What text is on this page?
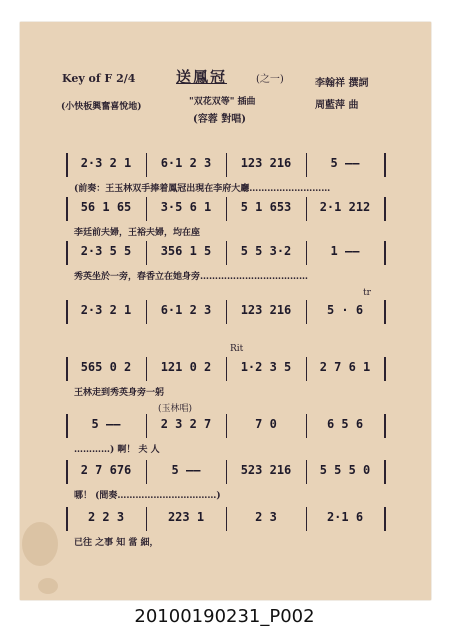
Key of F 2/4	送鳳冠	(之一)	李翰祥 撰詞
周藍萍 曲
(小快板興奮喜悅地)	"双花双等" 插曲
(容蓉 對唱)
2·3 2 1	6·1 2 3	123 216	5 ——
(前奏：王玉林双手捧着鳳冠出現在李府大廳………………………
56 1 65	3·5 6 1	5 1 653	2·1 212
李廷前夫婦，王裕夫婦，均在座
2·3 5 5	356 1 5	5 5 3·2	1 ——
秀英坐於一旁，春香立在她身旁………………………………
2·3 2 1	6·1 2 3	123 216	5 · 6
tr
565 0 2	121 0 2	1·2 3 5	2 7 6 1
王林走到秀英身旁一躬
Rit
5 ——	2 3 2 7	7 0	6 5 6
…………) 啊！ 夫 人
(玉林唱)
2 7 676	5 ——	523 216	5 5 5 0
哪！ (間奏……………………………)
2 2 3	223 1	2 3	2·1 6
已往 之事 知 當 細，
20100190231_P002
